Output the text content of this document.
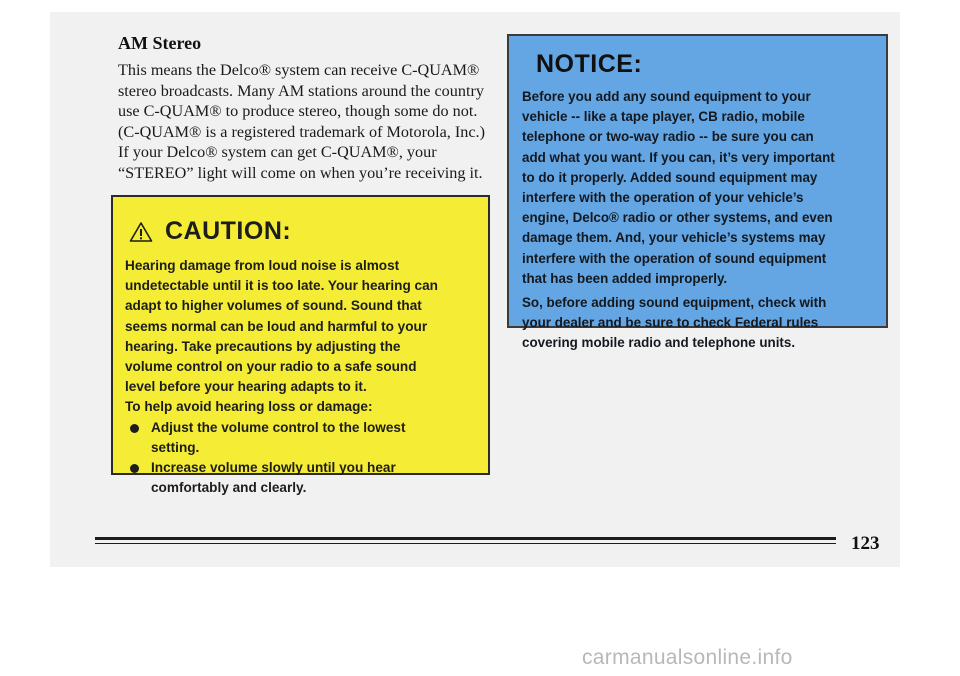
AM Stereo
This means the Delco® system can receive C-QUAM®
stereo broadcasts. Many AM stations around the country
use C-QUAM® to produce stereo, though some do not.
(C-QUAM® is a registered trademark of Motorola, Inc.)
If your Delco® system can get C-QUAM®, your
“STEREO” light will come on when you’re receiving it.
CAUTION:
Hearing damage from loud noise is almost
undetectable until it is too late. Your hearing can
adapt to higher volumes of sound. Sound that
seems normal can be loud and harmful to your
hearing. Take precautions by adjusting the
volume control on your radio to a safe sound
level before your hearing adapts to it.
To help avoid hearing loss or damage:
Adjust the volume control to the lowest
setting.
Increase volume slowly until you hear
comfortably and clearly.
NOTICE:

Before you add any sound equipment to your
vehicle -- like a tape player, CB radio, mobile
telephone or two-way radio -- be sure you can
add what you want. If you can, it’s very important
to do it properly. Added sound equipment may
interfere with the operation of your vehicle’s
engine, Delco® radio or other systems, and even
damage them. And, your vehicle’s systems may
interfere with the operation of sound equipment
that has been added improperly.

So, before adding sound equipment, check with
your dealer and be sure to check Federal rules
covering mobile radio and telephone units.

123
carmanualsonline.info
